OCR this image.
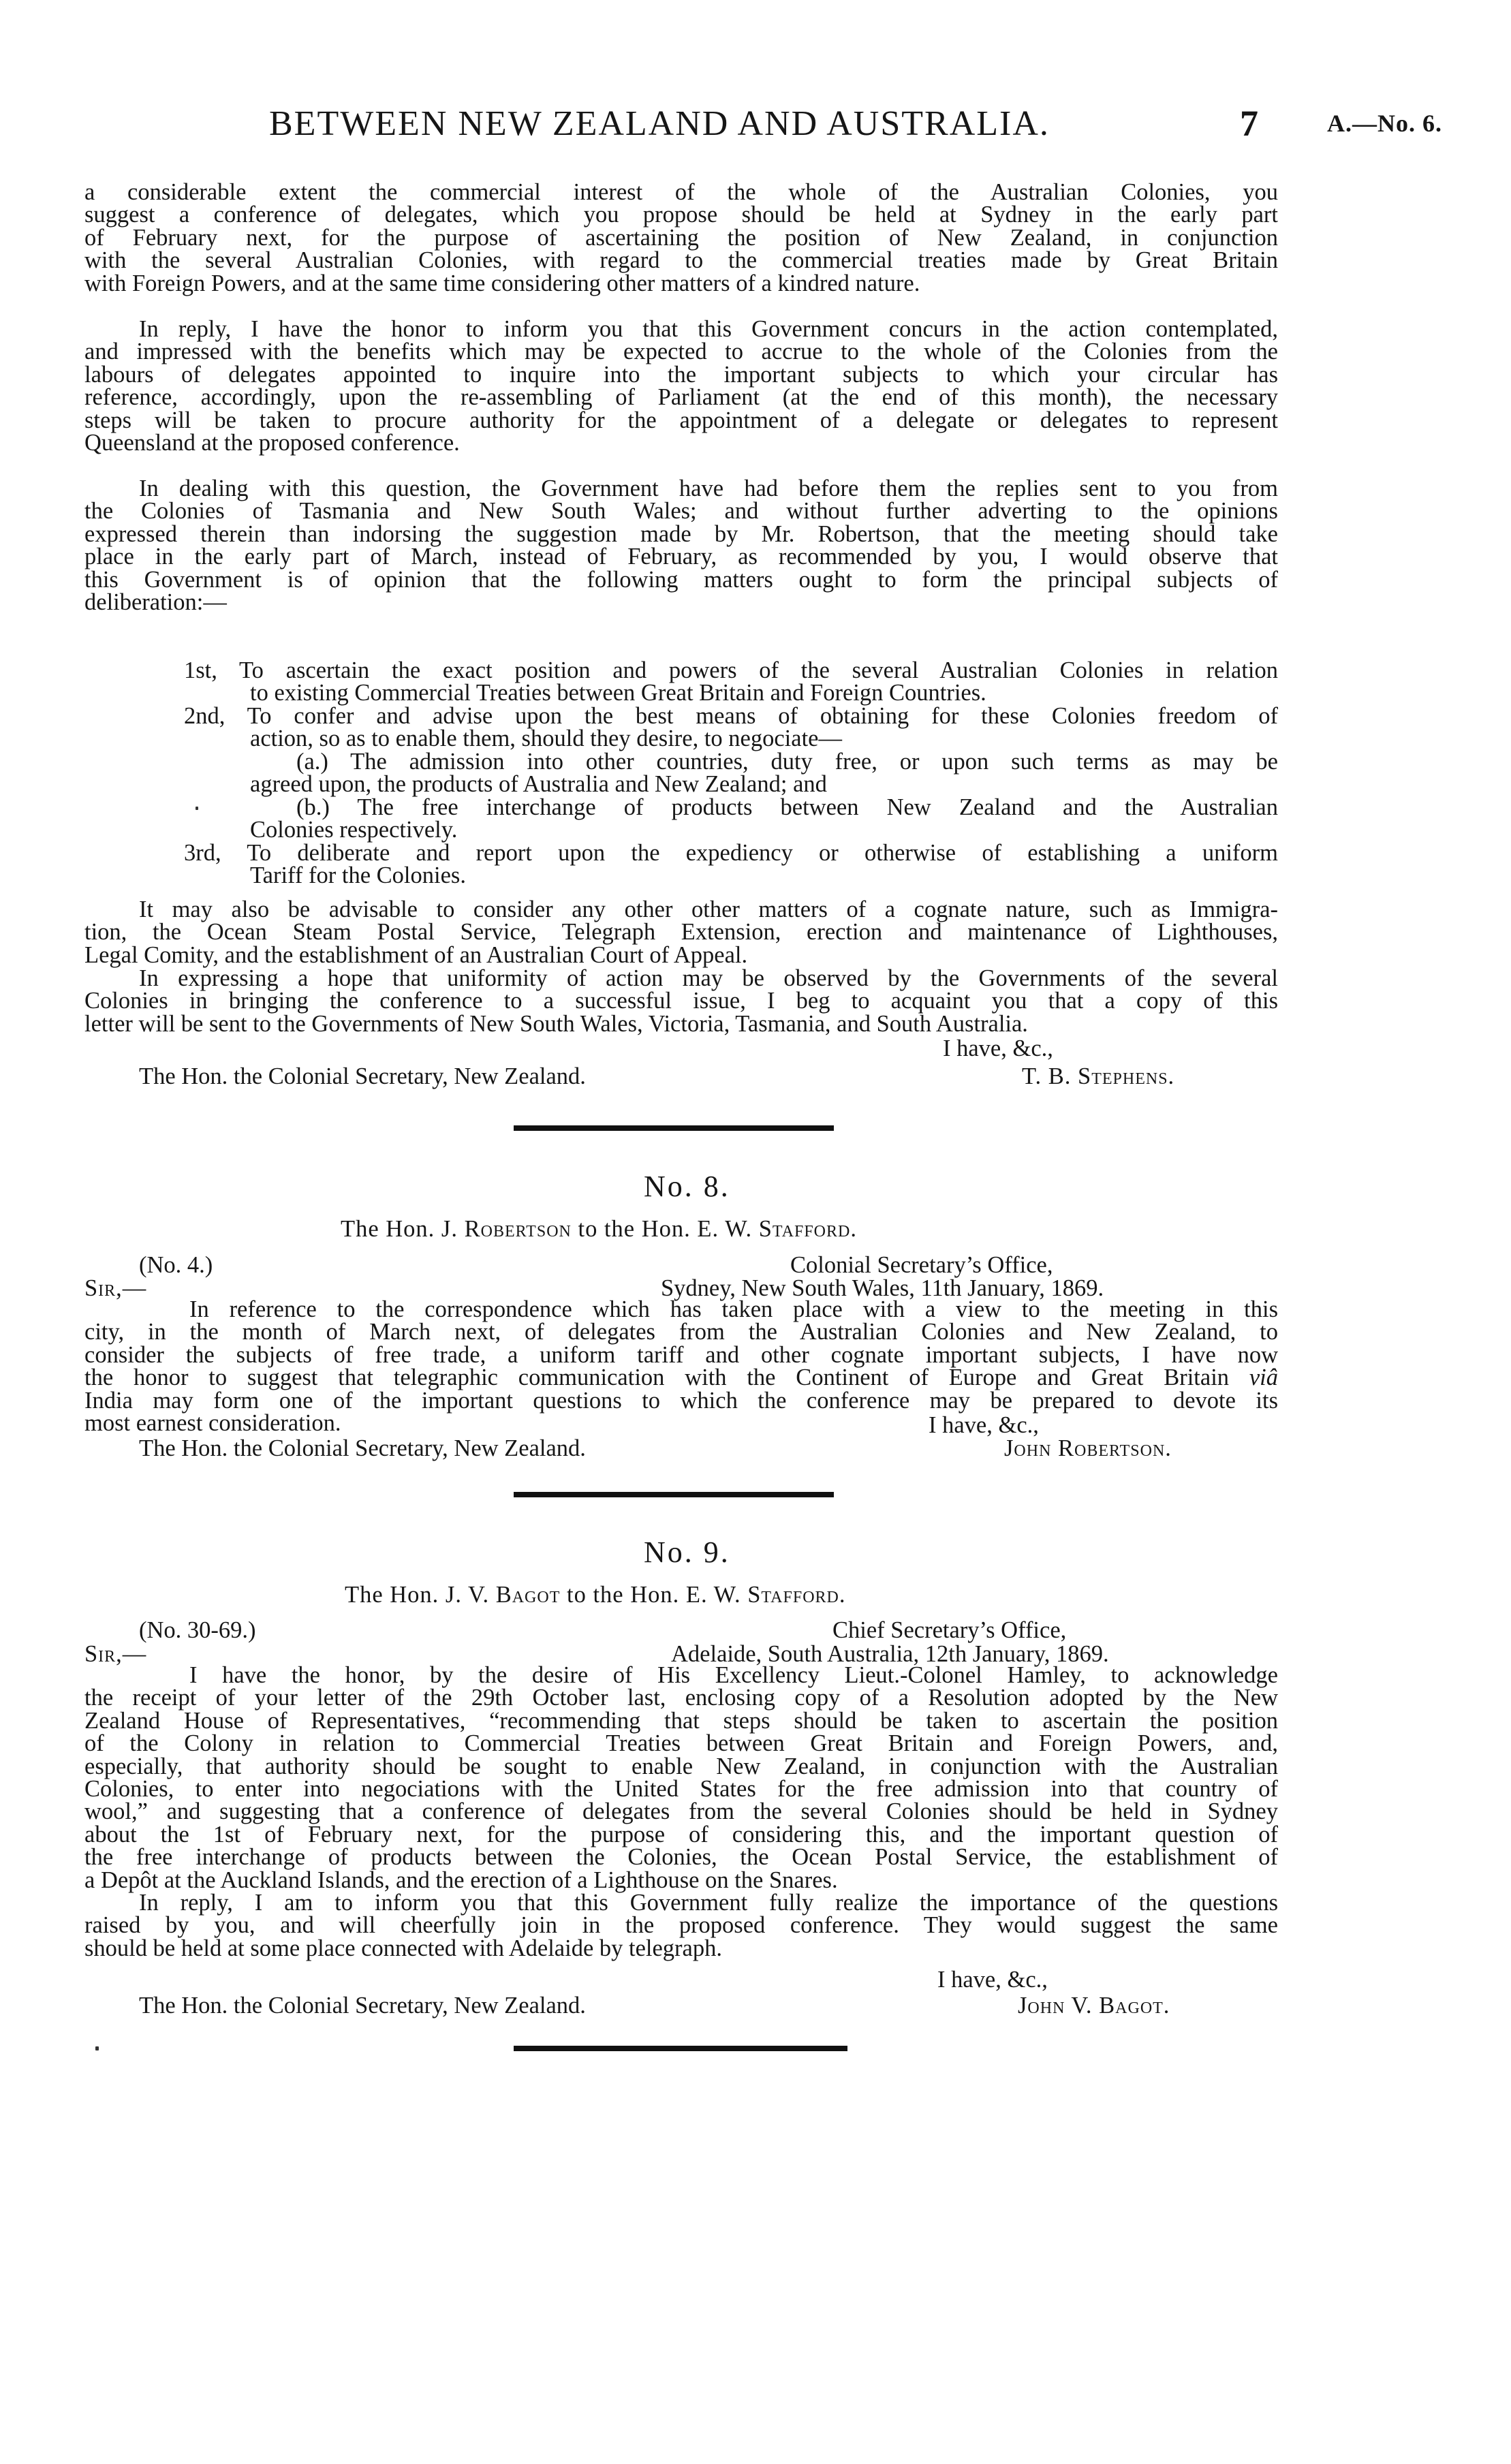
BETWEEN NEW ZEALAND AND AUSTRALIA.	7	A.—No. 6.
a considerable extent the commercial interest of the whole of the Australian Colonies, you
suggest a conference of delegates, which you propose should be held at Sydney in the early part
of February next, for the purpose of ascertaining the position of New Zealand, in conjunction
with the several Australian Colonies, with regard to the commercial treaties made by Great Britain
with Foreign Powers, and at the same time considering other matters of a kindred nature.
In reply, I have the honor to inform you that this Government concurs in the action contemplated,
and impressed with the benefits which may be expected to accrue to the whole of the Colonies from the
labours of delegates appointed to inquire into the important subjects to which your circular has
reference, accordingly, upon the re-assembling of Parliament (at the end of this month), the necessary
steps will be taken to procure authority for the appointment of a delegate or delegates to represent
Queensland at the proposed conference.
In dealing with this question, the Government have had before them the replies sent to you from
the Colonies of Tasmania and New South Wales; and without further adverting to the opinions
expressed therein than indorsing the suggestion made by Mr. Robertson, that the meeting should take
place in the early part of March, instead of February, as recommended by you, I would observe that
this Government is of opinion that the following matters ought to form the principal subjects of
deliberation:—
1st, To ascertain the exact position and powers of the several Australian Colonies in relation
to existing Commercial Treaties between Great Britain and Foreign Countries.
2nd, To confer and advise upon the best means of obtaining for these Colonies freedom of
action, so as to enable them, should they desire, to negociate—
(a.) The admission into other countries, duty free, or upon such terms as may be
agreed upon, the products of Australia and New Zealand; and
(b.) The free interchange of products between New Zealand and the Australian
Colonies respectively.
3rd, To deliberate and report upon the expediency or otherwise of establishing a uniform
Tariff for the Colonies.
It may also be advisable to consider any other other matters of a cognate nature, such as Immigra-
tion, the Ocean Steam Postal Service, Telegraph Extension, erection and maintenance of Lighthouses,
Legal Comity, and the establishment of an Australian Court of Appeal.
In expressing a hope that uniformity of action may be observed by the Governments of the several
Colonies in bringing the conference to a successful issue, I beg to acquaint you that a copy of this
letter will be sent to the Governments of New South Wales, Victoria, Tasmania, and South Australia.
I have, &c.,
The Hon. the Colonial Secretary, New Zealand.	T. B. Stephens.
No. 8.
The Hon. J. Robertson to the Hon. E. W. Stafford.
(No. 4.)	Colonial Secretary’s Office,
Sir,—	Sydney, New South Wales, 11th January, 1869.
In reference to the correspondence which has taken place with a view to the meeting in this
city, in the month of March next, of delegates from the Australian Colonies and New Zealand, to
consider the subjects of free trade, a uniform tariff and other cognate important subjects, I have now
the honor to suggest that telegraphic communication with the Continent of Europe and Great Britain viâ
India may form one of the important questions to which the conference may be prepared to devote its
most earnest consideration.	I have, &c.,
The Hon. the Colonial Secretary, New Zealand.	John Robertson.
No. 9.
The Hon. J. V. Bagot to the Hon. E. W. Stafford.
(No. 30-69.)	Chief Secretary’s Office,
Sir,—	Adelaide, South Australia, 12th January, 1869.
I have the honor, by the desire of His Excellency Lieut.-Colonel Hamley, to acknowledge
the receipt of your letter of the 29th October last, enclosing copy of a Resolution adopted by the New
Zealand House of Representatives, “recommending that steps should be taken to ascertain the position
of the Colony in relation to Commercial Treaties between Great Britain and Foreign Powers, and,
especially, that authority should be sought to enable New Zealand, in conjunction with the Australian
Colonies, to enter into negociations with the United States for the free admission into that country of
wool,” and suggesting that a conference of delegates from the several Colonies should be held in Sydney
about the 1st of February next, for the purpose of considering this, and the important question of
the free interchange of products between the Colonies, the Ocean Postal Service, the establishment of
a Depôt at the Auckland Islands, and the erection of a Lighthouse on the Snares.
In reply, I am to inform you that this Government fully realize the importance of the questions
raised by you, and will cheerfully join in the proposed conference. They would suggest the same
should be held at some place connected with Adelaide by telegraph.
I have, &c.,
The Hon. the Colonial Secretary, New Zealand.	John V. Bagot.
